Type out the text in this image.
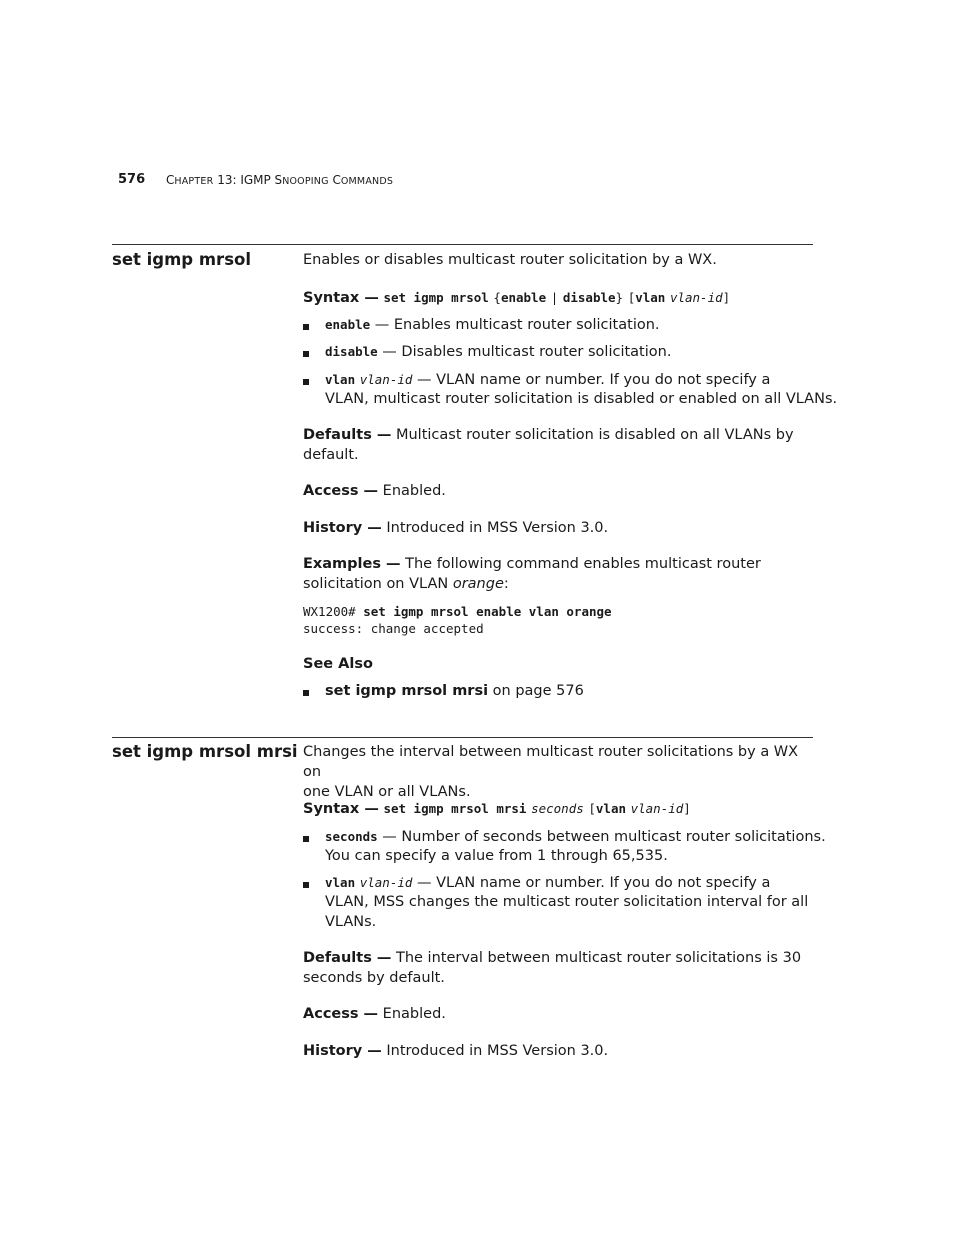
576 CHAPTER 13: IGMP SNOOPING COMMANDS
set igmp mrsol	Enables or disables multicast router solicitation by a WX.
Syntax — set igmp mrsol {enable | disable} [vlan vlan-id]
enable — Enables multicast router solicitation.
disable — Disables multicast router solicitation.
vlan vlan-id — VLAN name or number. If you do not specify a
VLAN, multicast router solicitation is disabled or enabled on all VLANs.
Defaults — Multicast router solicitation is disabled on all VLANs by
default.
Access — Enabled.
History — Introduced in MSS Version 3.0.
Examples — The following command enables multicast router
solicitation on VLAN orange:
WX1200# set igmp mrsol enable vlan orange
success: change accepted
See Also
set igmp mrsol mrsi on page 576
set igmp mrsol mrsi Changes the interval between multicast router solicitations by a WX on
one VLAN or all VLANs.
Syntax — set igmp mrsol mrsi seconds [vlan vlan-id]
seconds — Number of seconds between multicast router solicitations.
You can specify a value from 1 through 65,535.
vlan vlan-id — VLAN name or number. If you do not specify a
VLAN, MSS changes the multicast router solicitation interval for all
VLANs.
Defaults — The interval between multicast router solicitations is 30
seconds by default.
Access — Enabled.
History — Introduced in MSS Version 3.0.
